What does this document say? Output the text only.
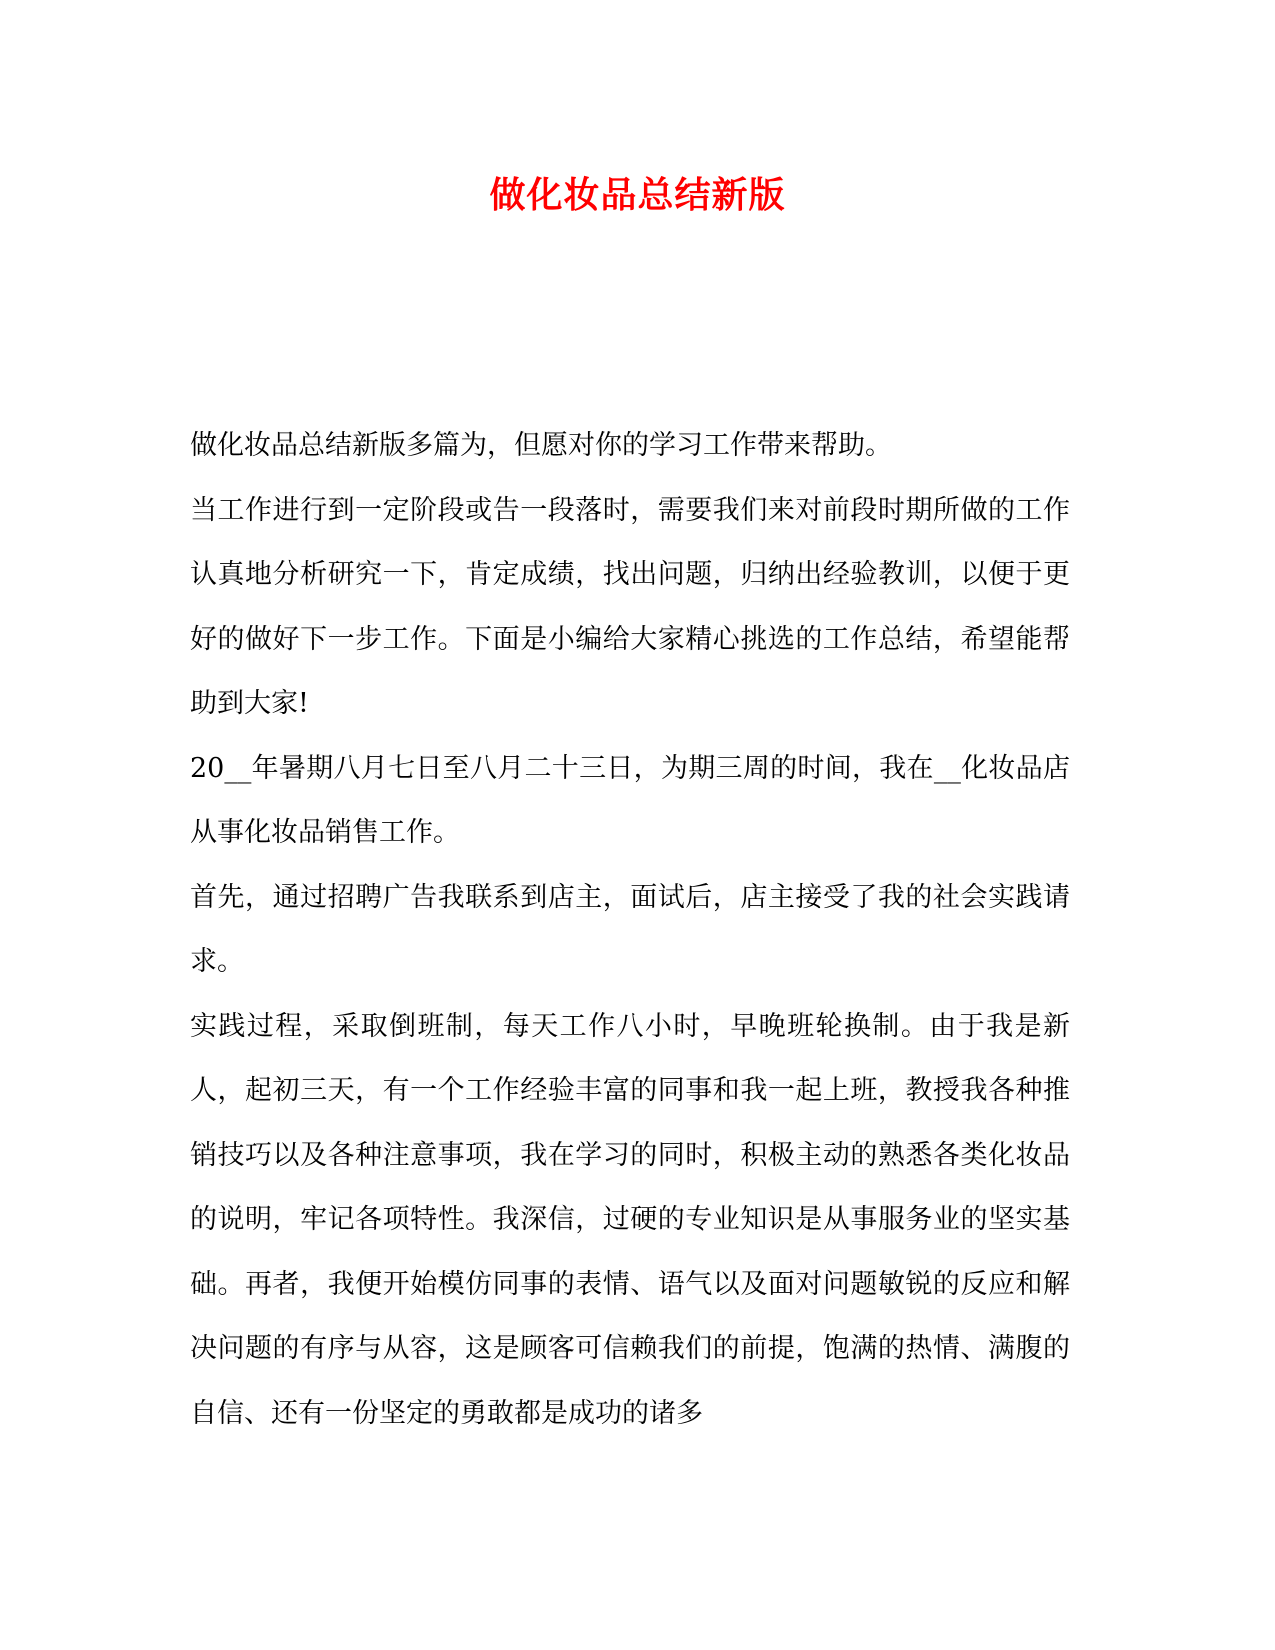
做化妆品总结新版

做化妆品总结新版多篇为，但愿对你的学习工作带来帮助。

当工作进行到一定阶段或告一段落时，需要我们来对前段时期所做的工作认真地分析研究一下，肯定成绩，找出问题，归纳出经验教训，以便于更好的做好下一步工作。下面是小编给大家精心挑选的工作总结，希望能帮助到大家!

20__年暑期八月七日至八月二十三日，为期三周的时间，我在__化妆品店从事化妆品销售工作。

首先，通过招聘广告我联系到店主，面试后，店主接受了我的社会实践请求。

实践过程，采取倒班制，每天工作八小时，早晚班轮换制。由于我是新人，起初三天，有一个工作经验丰富的同事和我一起上班，教授我各种推销技巧以及各种注意事项，我在学习的同时，积极主动的熟悉各类化妆品的说明，牢记各项特性。我深信，过硬的专业知识是从事服务业的坚实基础。再者，我便开始模仿同事的表情、语气以及面对问题敏锐的反应和解决问题的有序与从容，这是顾客可信赖我们的前提，饱满的热情、满腹的自信、还有一份坚定的勇敢都是成功的诸多
